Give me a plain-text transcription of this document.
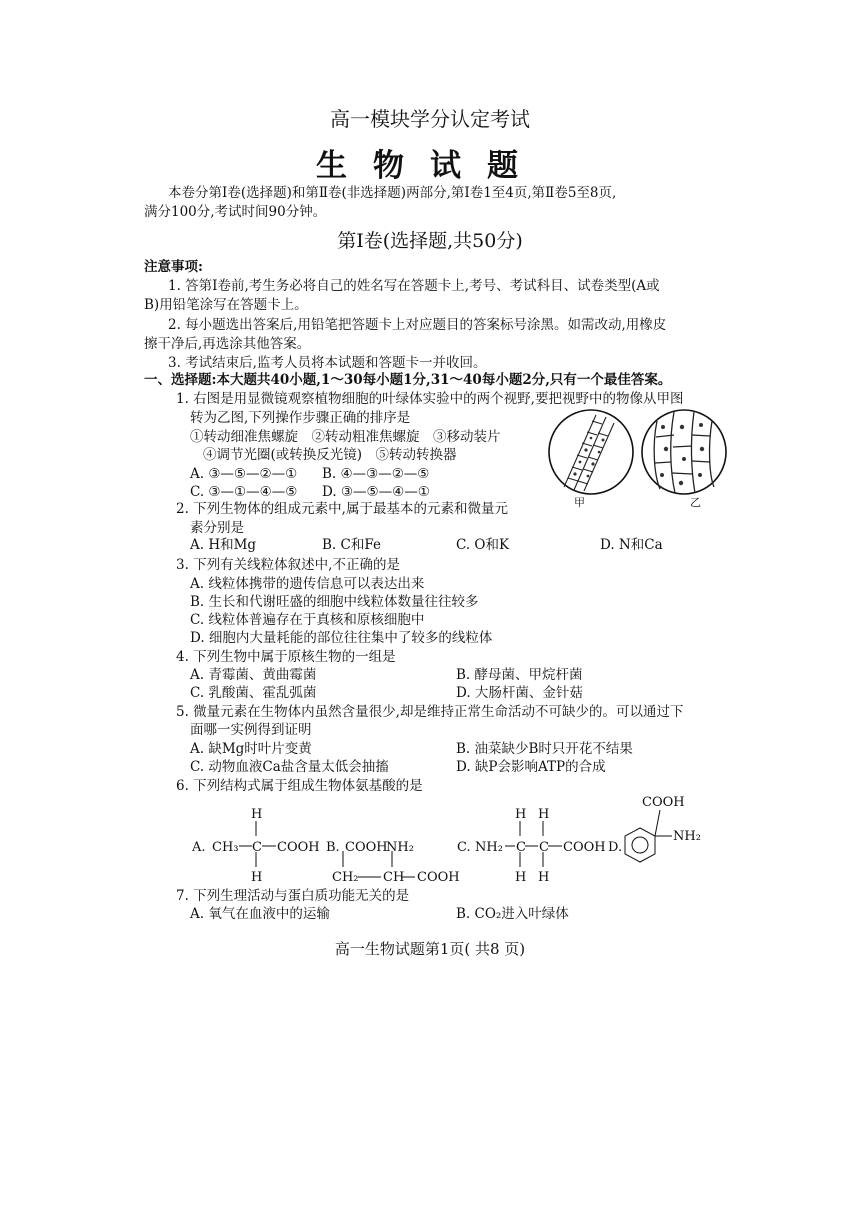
高一模块学分认定考试
生物试题
本卷分第Ⅰ卷(选择题)和第Ⅱ卷(非选择题)两部分,第Ⅰ卷1至4页,第Ⅱ卷5至8页,
满分100分,考试时间90分钟。
第Ⅰ卷(选择题,共50分)
注意事项:
1. 答第Ⅰ卷前,考生务必将自己的姓名写在答题卡上,考号、考试科目、试卷类型(A或
B)用铅笔涂写在答题卡上。
2. 每小题选出答案后,用铅笔把答题卡上对应题目的答案标号涂黑。如需改动,用橡皮
擦干净后,再选涂其他答案。
3. 考试结束后,监考人员将本试题和答题卡一并收回。
一、选择题:本大题共40小题,1～30每小题1分,31～40每小题2分,只有一个最佳答案。
1. 右图是用显微镜观察植物细胞的叶绿体实验中的两个视野,要把视野中的物像从甲图
转为乙图,下列操作步骤正确的排序是
①转动细准焦螺旋　②转动粗准焦螺旋　③移动装片
④调节光圈(或转换反光镜)　⑤转动转换器
A. ③—⑤—②—① B. ④—③—②—⑤
C. ③—①—④—⑤ D. ③—⑤—④—①
甲	乙
2. 下列生物体的组成元素中,属于最基本的元素和微量元
素分别是
A. H和Mg	B. C和Fe	C. O和K	D. N和Ca
3. 下列有关线粒体叙述中,不正确的是
A. 线粒体携带的遗传信息可以表达出来
B. 生长和代谢旺盛的细胞中线粒体数量往往较多
C. 线粒体普遍存在于真核和原核细胞中
D. 细胞内大量耗能的部位往往集中了较多的线粒体
4. 下列生物中属于原核生物的一组是
A. 青霉菌、黄曲霉菌	B. 酵母菌、甲烷杆菌
C. 乳酸菌、霍乱弧菌	D. 大肠杆菌、金针菇
5. 微量元素在生物体内虽然含量很少,却是维持正常生命活动不可缺少的。可以通过下
面哪一实例得到证明
A. 缺Mg时叶片变黄	B. 油菜缺少B时只开花不结果
C. 动物血液Ca盐含量太低会抽搐	D. 缺P会影响ATP的合成
6. 下列结构式属于组成生物体氨基酸的是
A. CH₃ C COOH
H
H
B. COOH
NH₂
CH₂ CH COOH
C. NH₂ C C COOH
H H
H H
D.
COOH
NH₂
7. 下列生理活动与蛋白质功能无关的是
A. 氧气在血液中的运输	B. CO₂进入叶绿体
高一生物试题第1页( 共8 页)
